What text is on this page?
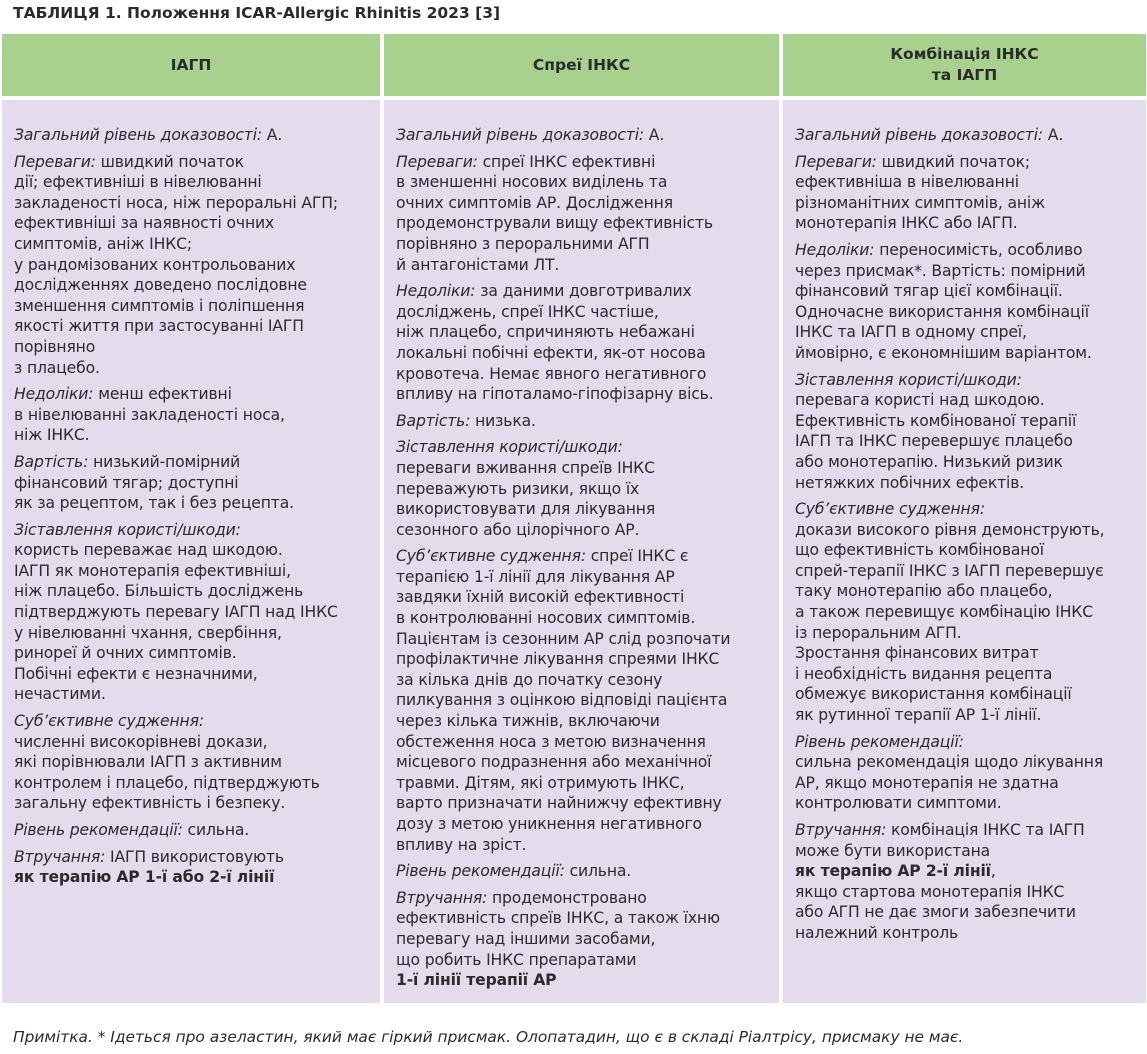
ТАБЛИЦЯ 1. Положення ICAR-Allergic Rhinitis 2023 [3]
ІАГП	Спреї ІНКС
Комбінація ІНКС
та ІАГП
Загальний рівень доказовості: А.
Переваги: швидкий початок
дії; ефективніші в нівелюванні
закладеності носа, ніж пероральні АГП;
ефективніші за наявності очних
симптомів, аніж ІНКС;
у рандомізованих контрольованих
дослідженнях доведено послідовне
зменшення симптомів і поліпшення
якості життя при застосуванні ІАГП
порівняно
з плацебо.
Недоліки: менш ефективні
в нівелюванні закладеності носа,
ніж ІНКС.
Вартість: низький-помірний
фінансовий тягар; доступні
як за рецептом, так і без рецепта.
Зіставлення користі/шкоди:
користь переважає над шкодою.
ІАГП як монотерапія ефективніші,
ніж плацебо. Більшість досліджень
підтверджують перевагу ІАГП над ІНКС
у нівелюванні чхання, свербіння,
ринореї й очних симптомів.
Побічні ефекти є незначними,
нечастими.
Суб’єктивне судження:
численні високорівневі докази,
які порівнювали ІАГП з активним
контролем і плацебо, підтверджують
загальну ефективність і безпеку.
Рівень рекомендації: сильна.
Втручання: ІАГП використовують
як терапію АР 1-ї або 2-ї лінії
Загальний рівень доказовості: А.
Переваги: спреї ІНКС ефективні
в зменшенні носових виділень та
очних симптомів АР. Дослідження
продемонстрували вищу ефективність
порівняно з пероральними АГП
й антагоністами ЛТ.
Недоліки: за даними довготривалих
досліджень, спреї ІНКС частіше,
ніж плацебо, спричиняють небажані
локальні побічні ефекти, як-от носова
кровотеча. Немає явного негативного
впливу на гіпоталамо-гіпофізарну вісь.
Вартість: низька.
Зіставлення користі/шкоди:
переваги вживання спреїв ІНКС
переважують ризики, якщо їх
використовувати для лікування
сезонного або цілорічного АР.
Суб’єктивне судження: спреї ІНКС є
терапією 1-ї лінії для лікування АР
завдяки їхній високій ефективності
в контролюванні носових симптомів.
Пацієнтам із сезонним АР слід розпочати
профілактичне лікування спреями ІНКС
за кілька днів до початку сезону
пилкування з оцінкою відповіді пацієнта
через кілька тижнів, включаючи
обстеження носа з метою визначення
місцевого подразнення або механічної
травми. Дітям, які отримують ІНКС,
варто призначати найнижчу ефективну
дозу з метою уникнення негативного
впливу на зріст.
Рівень рекомендації: сильна.
Втручання: продемонстровано
ефективність спреїв ІНКС, а також їхню
перевагу над іншими засобами,
що робить ІНКС препаратами
1-ї лінії терапії АР
Загальний рівень доказовості: А.
Переваги: швидкий початок;
ефективніша в нівелюванні
різноманітних симптомів, аніж
монотерапія ІНКС або ІАГП.
Недоліки: переносимість, особливо
через присмак*. Вартість: помірний
фінансовий тягар цієї комбінації.
Одночасне використання комбінації
ІНКС та ІАГП в одному спреї,
ймовірно, є економнішим варіантом.
Зіставлення користі/шкоди:
перевага користі над шкодою.
Ефективність комбінованої терапії
ІАГП та ІНКС перевершує плацебо
або монотерапію. Низький ризик
нетяжких побічних ефектів.
Суб’єктивне судження:
докази високого рівня демонструють,
що ефективність комбінованої
спрей-терапії ІНКС з ІАГП перевершує
таку монотерапію або плацебо,
а також перевищує комбінацію ІНКС
із пероральним АГП.
Зростання фінансових витрат
і необхідність видання рецепта
обмежує використання комбінації
як рутинної терапії АР 1-ї лінії.
Рівень рекомендації:
сильна рекомендація щодо лікування
АР, якщо монотерапія не здатна
контролювати симптоми.
Втручання: комбінація ІНКС та ІАГП
може бути використана
як терапію АР 2-ї лінії,
якщо стартова монотерапія ІНКС
або АГП не дає змоги забезпечити
належний контроль
Примітка. * Ідеться про азеластин, який має гіркий присмак. Олопатадин, що є в складі Ріалтрісу, присмаку не має.
